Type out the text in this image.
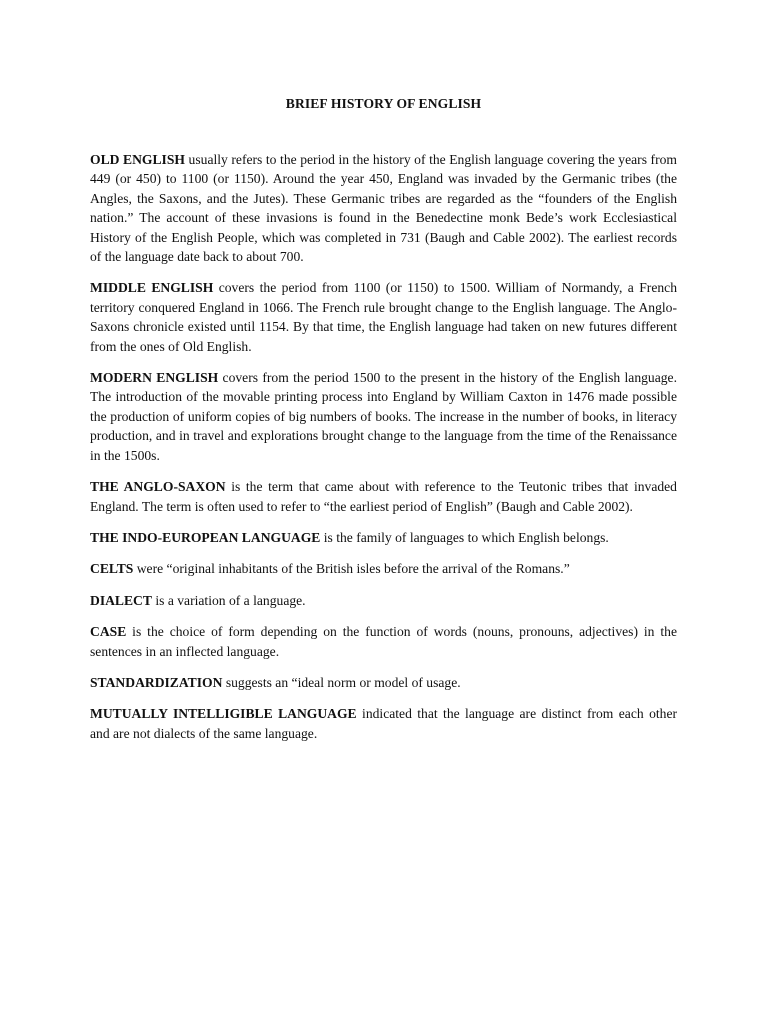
BRIEF HISTORY OF ENGLISH

OLD ENGLISH usually refers to the period in the history of the English language covering the years from 449 (or 450) to 1100 (or 1150). Around the year 450, England was invaded by the Germanic tribes (the Angles, the Saxons, and the Jutes). These Germanic tribes are regarded as the “founders of the English nation.” The account of these invasions is found in the Benedectine monk Bede’s work Ecclesiastical History of the English People, which was completed in 731 (Baugh and Cable 2002). The earliest records of the language date back to about 700.

MIDDLE ENGLISH covers the period from 1100 (or 1150) to 1500. William of Normandy, a French territory conquered England in 1066. The French rule brought change to the English language. The Anglo-Saxons chronicle existed until 1154. By that time, the English language had taken on new futures different from the ones of Old English.

MODERN ENGLISH covers from the period 1500 to the present in the history of the English language. The introduction of the movable printing process into England by William Caxton in 1476 made possible the production of uniform copies of big numbers of books. The increase in the number of books, in literacy production, and in travel and explorations brought change to the language from the time of the Renaissance in the 1500s.

THE ANGLO-SAXON is the term that came about with reference to the Teutonic tribes that invaded England. The term is often used to refer to “the earliest period of English” (Baugh and Cable 2002).

THE INDO-EUROPEAN LANGUAGE is the family of languages to which English belongs.

CELTS were “original inhabitants of the British isles before the arrival of the Romans.”

DIALECT is a variation of a language.

CASE is the choice of form depending on the function of words (nouns, pronouns, adjectives) in the sentences in an inflected language.

STANDARDIZATION suggests an “ideal norm or model of usage.

MUTUALLY INTELLIGIBLE LANGUAGE indicated that the language are distinct from each other and are not dialects of the same language.
